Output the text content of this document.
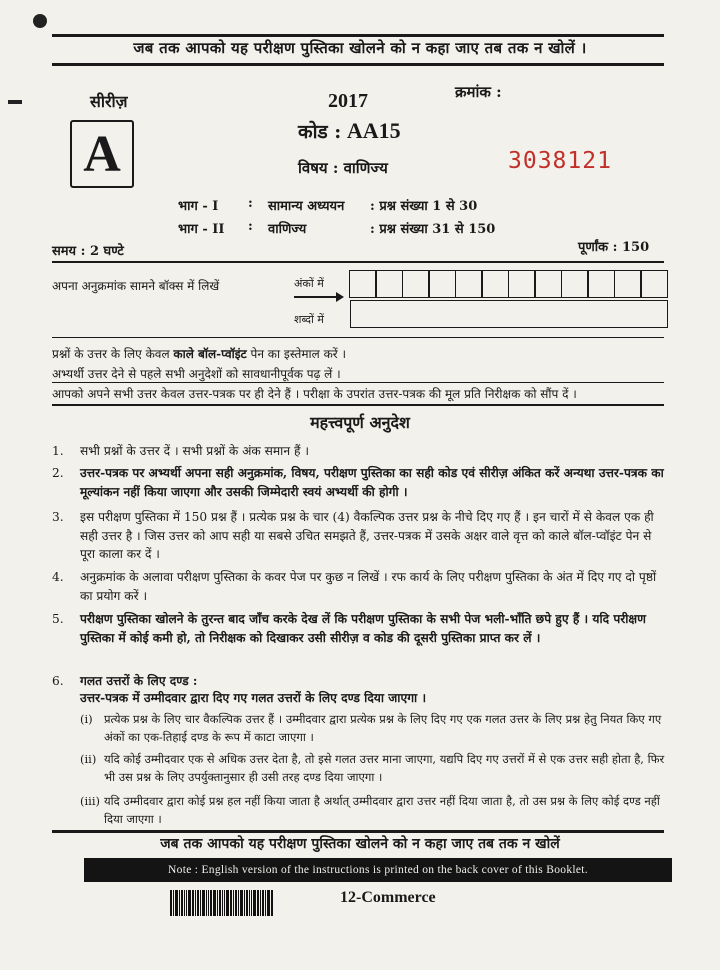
जब तक आपको यह परीक्षण पुस्तिका खोलने को न कहा जाए तब तक न खोलें ।
सीरीज़	2017	क्रमांक :
A	कोड : AA15
विषय : वाणिज्य	3038121
भाग - I	:	सामान्य अध्ययन	: प्रश्न संख्या 1 से 30
भाग - II	:	वाणिज्य	: प्रश्न संख्या 31 से 150
समय : 2 घण्टे	पूर्णांक : 150
अपना अनुक्रमांक सामने बॉक्स में लिखें	अंकों में
शब्दों में
प्रश्नों के उत्तर के लिए केवल काले बॉल-प्वॉइंट पेन का इस्तेमाल करें ।
अभ्यर्थी उत्तर देने से पहले सभी अनुदेशों को सावधानीपूर्वक पढ़ लें ।
आपको अपने सभी उत्तर केवल उत्तर-पत्रक पर ही देने हैं । परीक्षा के उपरांत उत्तर-पत्रक की मूल प्रति निरीक्षक को सौंप दें ।
महत्त्वपूर्ण अनुदेश
1.	सभी प्रश्नों के उत्तर दें । सभी प्रश्नों के अंक समान हैं ।
2.	उत्तर-पत्रक पर अभ्यर्थी अपना सही अनुक्रमांक, विषय, परीक्षण पुस्तिका का सही कोड एवं सीरीज़ अंकित करें अन्यथा उत्तर-पत्रक का मूल्यांकन नहीं किया जाएगा और उसकी जिम्मेदारी स्वयं अभ्यर्थी की होगी ।
3.	इस परीक्षण पुस्तिका में 150 प्रश्न हैं । प्रत्येक प्रश्न के चार (4) वैकल्पिक उत्तर प्रश्न के नीचे दिए गए हैं । इन चारों में से केवल एक ही सही उत्तर है । जिस उत्तर को आप सही या सबसे उचित समझते हैं, उत्तर-पत्रक में उसके अक्षर वाले वृत्त को काले बॉल-प्वॉइंट पेन से पूरा काला कर दें ।
4.	अनुक्रमांक के अलावा परीक्षण पुस्तिका के कवर पेज पर कुछ न लिखें । रफ कार्य के लिए परीक्षण पुस्तिका के अंत में दिए गए दो पृष्ठों का प्रयोग करें ।
5.	परीक्षण पुस्तिका खोलने के तुरन्त बाद जाँच करके देख लें कि परीक्षण पुस्तिका के सभी पेज भली-भाँति छपे हुए हैं । यदि परीक्षण पुस्तिका में कोई कमी हो, तो निरीक्षक को दिखाकर उसी सीरीज़ व कोड की दूसरी पुस्तिका प्राप्त कर लें ।
6.	गलत उत्तरों के लिए दण्ड :
उत्तर-पत्रक में उम्मीदवार द्वारा दिए गए गलत उत्तरों के लिए दण्ड दिया जाएगा ।
(i) प्रत्येक प्रश्न के लिए चार वैकल्पिक उत्तर हैं । उम्मीदवार द्वारा प्रत्येक प्रश्न के लिए दिए गए एक गलत उत्तर के लिए प्रश्न हेतु नियत किए गए अंकों का एक-तिहाई दण्ड के रूप में काटा जाएगा ।
(ii) यदि कोई उम्मीदवार एक से अधिक उत्तर देता है, तो इसे गलत उत्तर माना जाएगा, यद्यपि दिए गए उत्तरों में से एक उत्तर सही होता है, फिर भी उस प्रश्न के लिए उपर्युक्तानुसार ही उसी तरह दण्ड दिया जाएगा ।
(iii) यदि उम्मीदवार द्वारा कोई प्रश्न हल नहीं किया जाता है अर्थात् उम्मीदवार द्वारा उत्तर नहीं दिया जाता है, तो उस प्रश्न के लिए कोई दण्ड नहीं दिया जाएगा ।
जब तक आपको यह परीक्षण पुस्तिका खोलने को न कहा जाए तब तक न खोलें
Note : English version of the instructions is printed on the back cover of this Booklet.
12-Commerce
